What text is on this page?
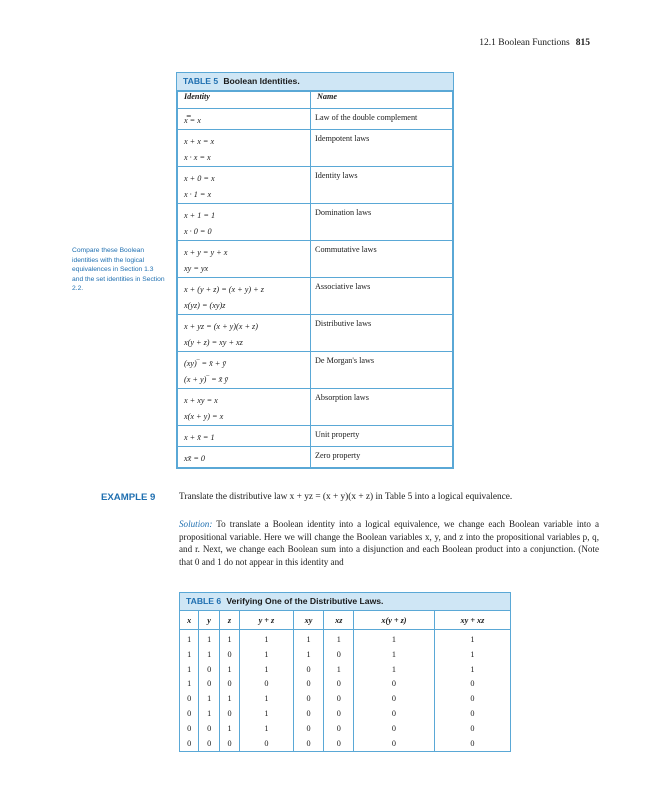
12.1 Boolean Functions 815
TABLE 5 Boolean Identities.
Identity	Name

x̿ = x	Law of the double complement

x + x = x
x · x = x	Idempotent laws

x + 0 = x
x · 1 = x	Identity laws

x + 1 = 1
x · 0 = 0	Domination laws

x + y = y + x
xy = yx	Commutative laws

x + (y + z) = (x + y) + z
x(yz) = (xy)z	Associative laws

x + yz = (x + y)(x + z)
x(y + z) = xy + xz	Distributive laws

(xy)‾ = x̄ + ȳ
(x + y)‾ = x̄ ȳ	De Morgan's laws

x + xy = x
x(x + y) = x	Absorption laws

x + x̄ = 1	Unit property

xx̄ = 0	Zero property
Compare these Boolean identities with the logical equivalences in Section 1.3 and the set identities in Section 2.2.
EXAMPLE 9	Translate the distributive law x + yz = (x + y)(x + z) in Table 5 into a logical equivalence.
Solution: To translate a Boolean identity into a logical equivalence, we change each Boolean variable into a propositional variable. Here we will change the Boolean variables x, y, and z into the propositional variables p, q, and r. Next, we change each Boolean sum into a disjunction and each Boolean product into a conjunction. (Note that 0 and 1 do not appear in this identity and
TABLE 6 Verifying One of the Distributive Laws.
x	y	z	y + z	xy	xz	x(y + z)	xy + xz
1	1	1	1	1	1	1	1
1	1	0	1	1	0	1	1
1	0	1	1	0	1	1	1
1	0	0	0	0	0	0	0
0	1	1	1	0	0	0	0
0	1	0	1	0	0	0	0
0	0	1	1	0	0	0	0
0	0	0	0	0	0	0	0
